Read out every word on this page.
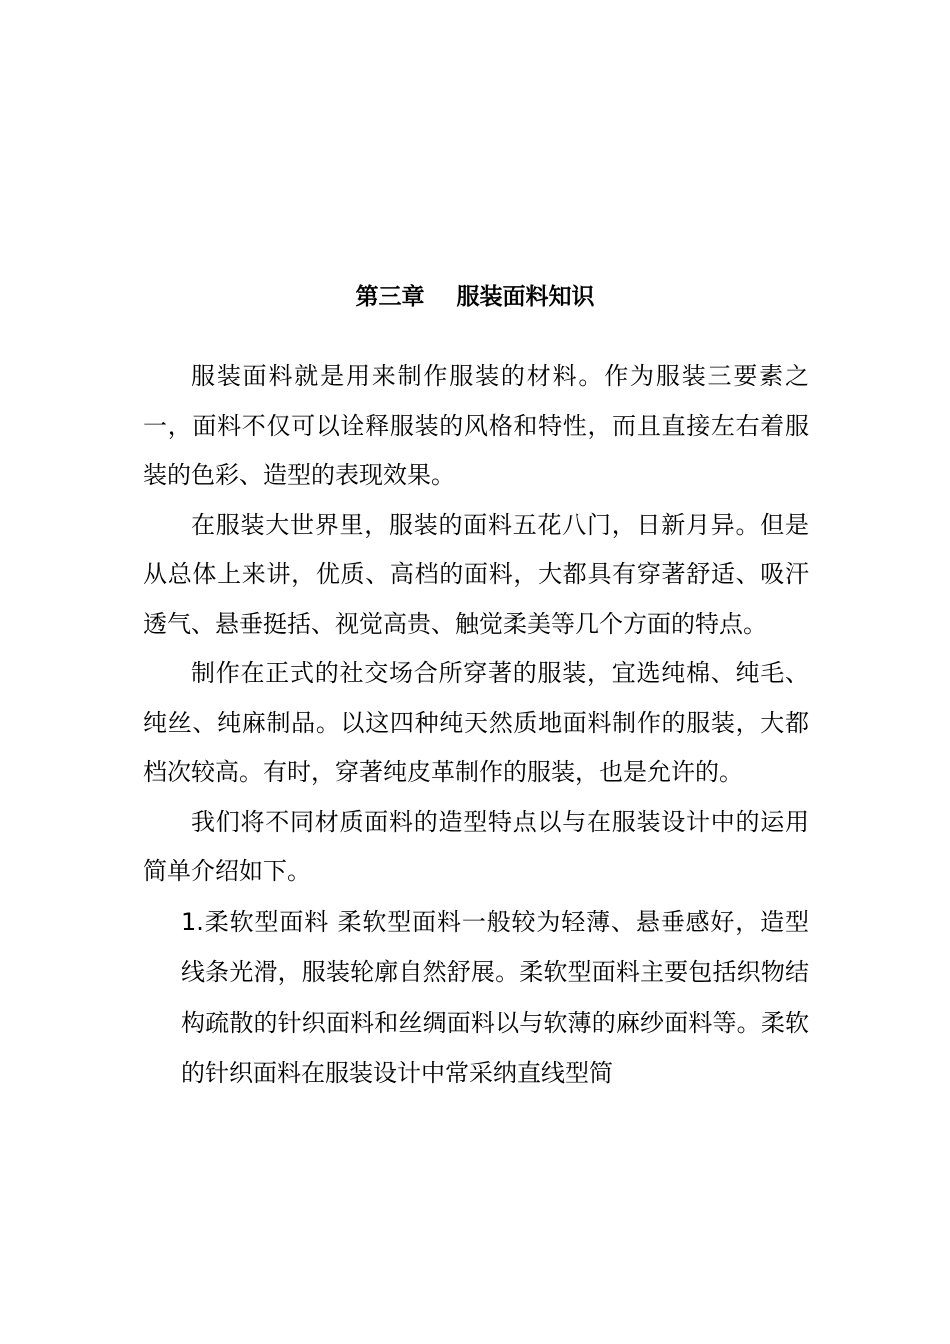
第三章    服装面料知识

服装面料就是用来制作服装的材料。作为服装三要素之一，面料不仅可以诠释服装的风格和特性，而且直接左右着服装的色彩、造型的表现效果。

在服装大世界里，服装的面料五花八门，日新月异。但是从总体上来讲，优质、高档的面料，大都具有穿著舒适、吸汗透气、悬垂挺括、视觉高贵、触觉柔美等几个方面的特点。

制作在正式的社交场合所穿著的服装，宜选纯棉、纯毛、纯丝、纯麻制品。以这四种纯天然质地面料制作的服装，大都档次较高。有时，穿著纯皮革制作的服装，也是允许的。

我们将不同材质面料的造型特点以与在服装设计中的运用简单介绍如下。

1.柔软型面料 柔软型面料一般较为轻薄、悬垂感好，造型线条光滑，服装轮廓自然舒展。柔软型面料主要包括织物结构疏散的针织面料和丝绸面料以与软薄的麻纱面料等。柔软的针织面料在服装设计中常采纳直线型简
